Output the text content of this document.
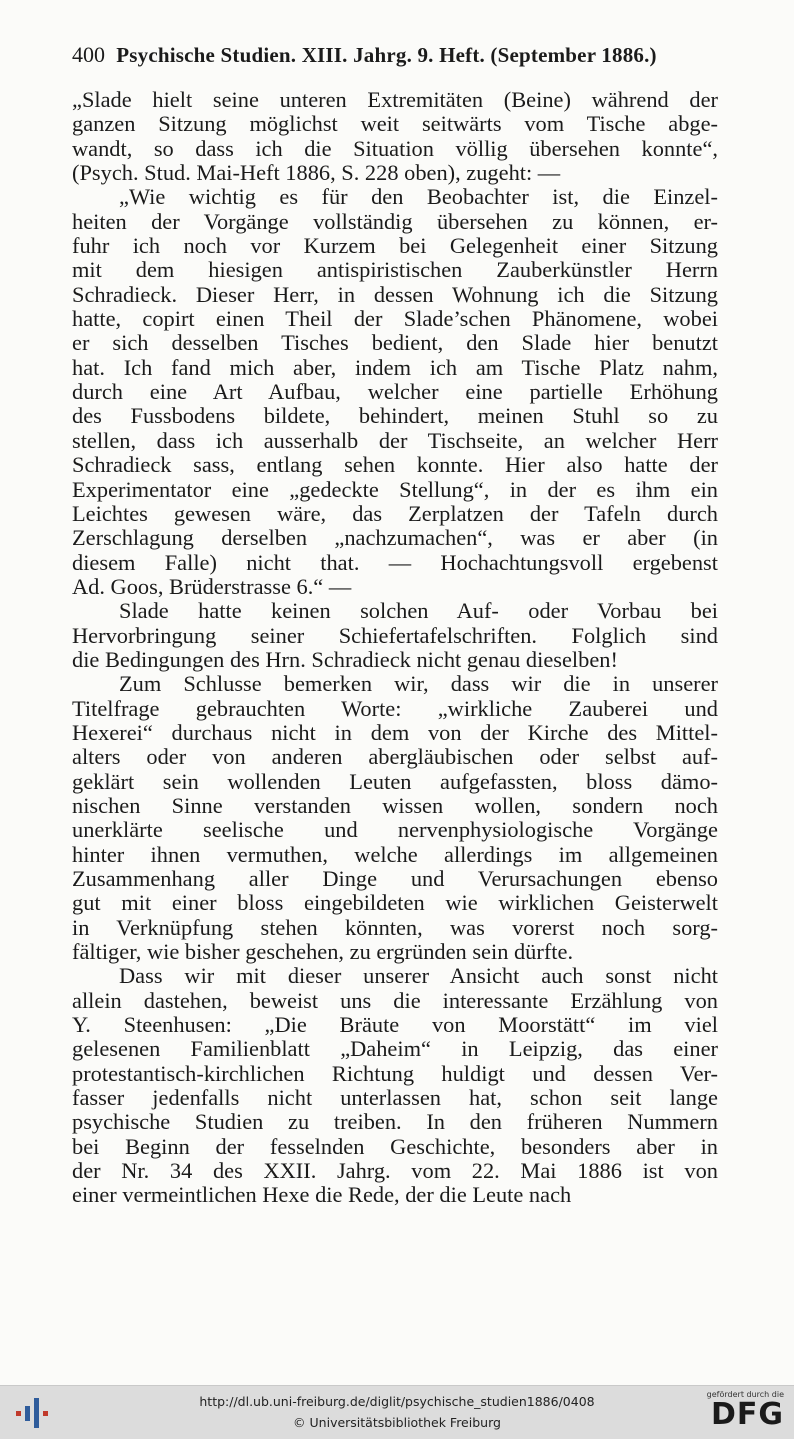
400 Psychische Studien. XIII. Jahrg. 9. Heft. (September 1886.)
„Slade hielt seine unteren Extremitäten (Beine) während der
ganzen Sitzung möglichst weit seitwärts vom Tische abge-
wandt, so dass ich die Situation völlig übersehen konnte“,
(Psych. Stud. Mai-Heft 1886, S. 228 oben), zugeht: —
„Wie wichtig es für den Beobachter ist, die Einzel-
heiten der Vorgänge vollständig übersehen zu können, er-
fuhr ich noch vor Kurzem bei Gelegenheit einer Sitzung
mit dem hiesigen antispiristischen Zauberkünstler Herrn
Schradieck. Dieser Herr, in dessen Wohnung ich die Sitzung
hatte, copirt einen Theil der Slade’schen Phänomene, wobei
er sich desselben Tisches bedient, den Slade hier benutzt
hat. Ich fand mich aber, indem ich am Tische Platz nahm,
durch eine Art Aufbau, welcher eine partielle Erhöhung
des Fussbodens bildete, behindert, meinen Stuhl so zu
stellen, dass ich ausserhalb der Tischseite, an welcher Herr
Schradieck sass, entlang sehen konnte. Hier also hatte der
Experimentator eine „gedeckte Stellung“, in der es ihm ein
Leichtes gewesen wäre, das Zerplatzen der Tafeln durch
Zerschlagung derselben „nachzumachen“, was er aber (in
diesem Falle) nicht that. — Hochachtungsvoll ergebenst
Ad. Goos, Brüderstrasse 6.“ —
Slade hatte keinen solchen Auf- oder Vorbau bei
Hervorbringung seiner Schiefertafelschriften. Folglich sind
die Bedingungen des Hrn. Schradieck nicht genau dieselben!
Zum Schlusse bemerken wir, dass wir die in unserer
Titelfrage gebrauchten Worte: „wirkliche Zauberei und
Hexerei“ durchaus nicht in dem von der Kirche des Mittel-
alters oder von anderen abergläubischen oder selbst auf-
geklärt sein wollenden Leuten aufgefassten, bloss dämo-
nischen Sinne verstanden wissen wollen, sondern noch
unerklärte seelische und nervenphysiologische Vorgänge
hinter ihnen vermuthen, welche allerdings im allgemeinen
Zusammenhang aller Dinge und Verursachungen ebenso
gut mit einer bloss eingebildeten wie wirklichen Geisterwelt
in Verknüpfung stehen könnten, was vorerst noch sorg-
fältiger, wie bisher geschehen, zu ergründen sein dürfte.
Dass wir mit dieser unserer Ansicht auch sonst nicht
allein dastehen, beweist uns die interessante Erzählung von
Y. Steenhusen: „Die Bräute von Moorstätt“ im viel
gelesenen Familienblatt „Daheim“ in Leipzig, das einer
protestantisch-kirchlichen Richtung huldigt und dessen Ver-
fasser jedenfalls nicht unterlassen hat, schon seit lange
psychische Studien zu treiben. In den früheren Nummern
bei Beginn der fesselnden Geschichte, besonders aber in
der Nr. 34 des XXII. Jahrg. vom 22. Mai 1886 ist von
einer vermeintlichen Hexe die Rede, der die Leute nach
http://dl.ub.uni-freiburg.de/diglit/psychische_studien1886/0408
© Universitätsbibliothek Freiburg
gefördert durch die
DFG
